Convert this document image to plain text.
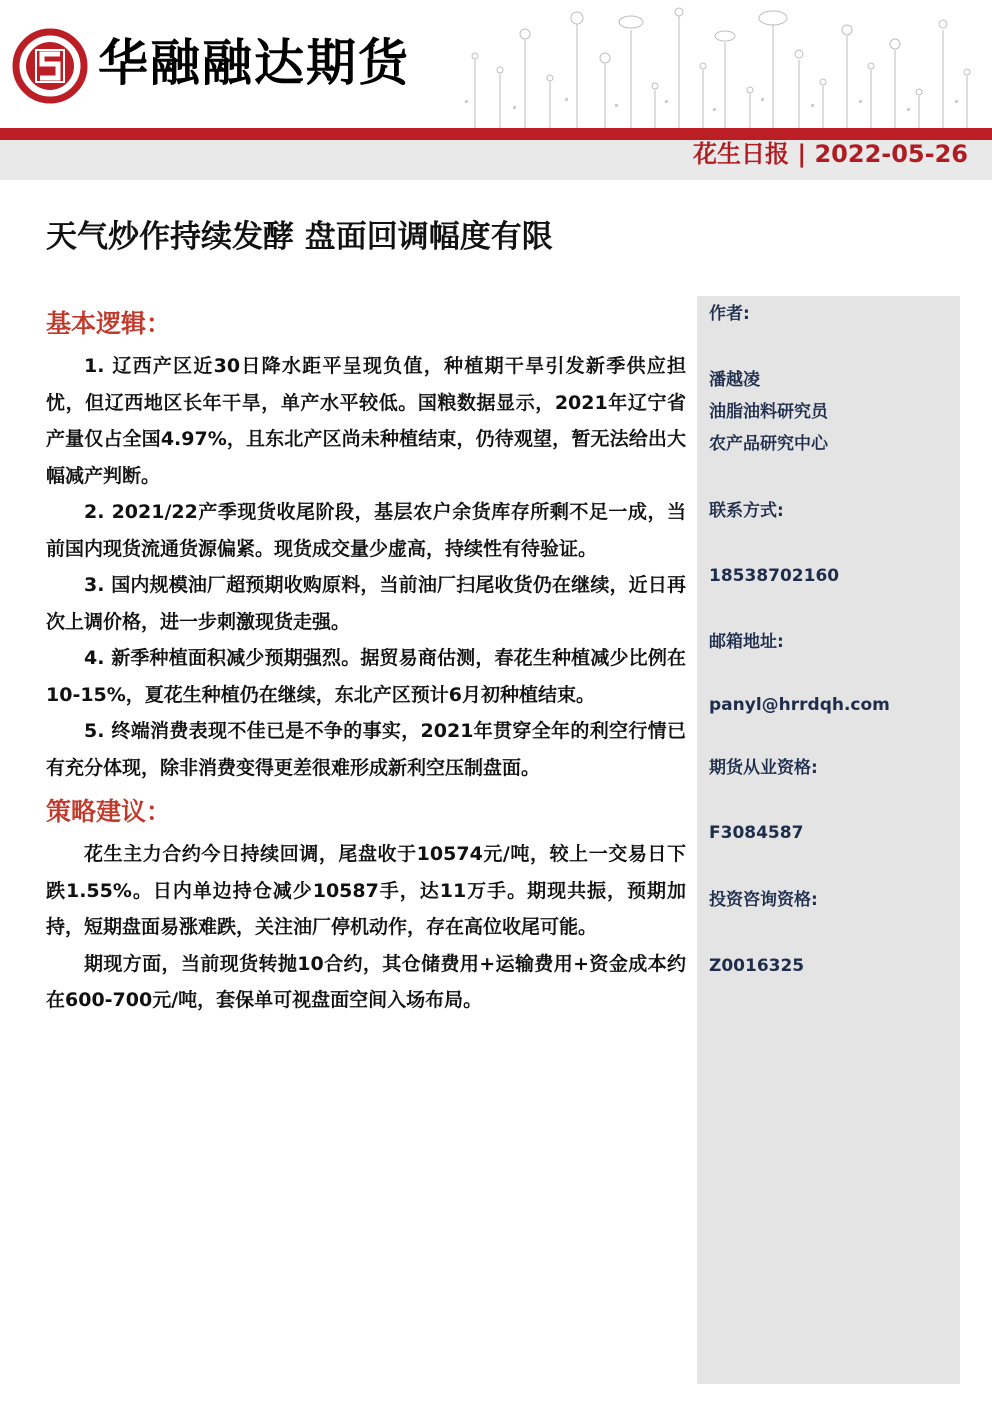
华融融达期货
花生日报 | 2022-05-26
天气炒作持续发酵 盘面回调幅度有限
基本逻辑：

1. 辽西产区近30日降水距平呈现负值，种植期干旱引发新季供应担忧，但辽西地区长年干旱，单产水平较低。国粮数据显示，2021年辽宁省产量仅占全国4.97%，且东北产区尚未种植结束，仍待观望，暂无法给出大幅减产判断。

2. 2021/22产季现货收尾阶段，基层农户余货库存所剩不足一成，当前国内现货流通货源偏紧。现货成交量少虚高，持续性有待验证。

3. 国内规模油厂超预期收购原料，当前油厂扫尾收货仍在继续，近日再次上调价格，进一步刺激现货走强。

4. 新季种植面积减少预期强烈。据贸易商估测，春花生种植减少比例在10-15%，夏花生种植仍在继续，东北产区预计6月初种植结束。

5. 终端消费表现不佳已是不争的事实，2021年贯穿全年的利空行情已有充分体现，除非消费变得更差很难形成新利空压制盘面。

策略建议：

花生主力合约今日持续回调，尾盘收于10574元/吨，较上一交易日下跌1.55%。日内单边持仓减少10587手，达11万手。期现共振，预期加持，短期盘面易涨难跌，关注油厂停机动作，存在高位收尾可能。

期现方面，当前现货转抛10合约，其仓储费用+运输费用+资金成本约在600-700元/吨，套保单可视盘面空间入场布局。

作者:
潘越凌
油脂油料研究员
农产品研究中心
联系方式:
18538702160
邮箱地址:
panyl@hrrdqh.com
期货从业资格:
F3084587
投资咨询资格:
Z0016325
